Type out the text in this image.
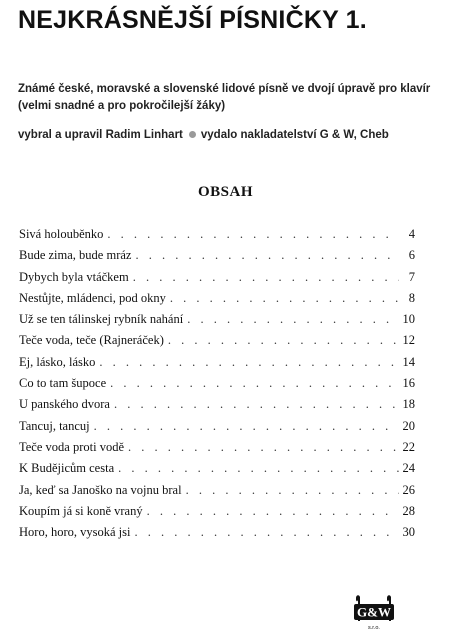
NEJKRÁSNĚJŠÍ PÍSNIČKY 1.

Známé české, moravské a slovenské lidové písně ve dvojí úpravě pro klavír (velmi snadné a pro pokročilejší žáky)

vybral a upravil Radim Linhart vydalo nakladatelství G & W, Cheb
OBSAH
Sivá holouběnko . . .	4
Bude zima, bude mráz . . .	6
Dybych byla vtáčkem . . .	7
Nestůjte, mládenci, pod okny . . .	8
Už se ten tálinskej rybník nahání . . .	10
Teče voda, teče (Rajneráček) . . .	12
Ej, lásko, lásko . . .	14
Co to tam šupoce . . .	16
U panského dvora . . .	18
Tancuj, tancuj . . .	20
Teče voda proti vodě . . .	22
K Budějicům cesta . . .	24
Ja, keď sa Janoško na vojnu bral . . .	26
Koupím já si koně vraný . . .	28
Horo, horo, vysoká jsi . . .	30
G&W
s.r.o.
